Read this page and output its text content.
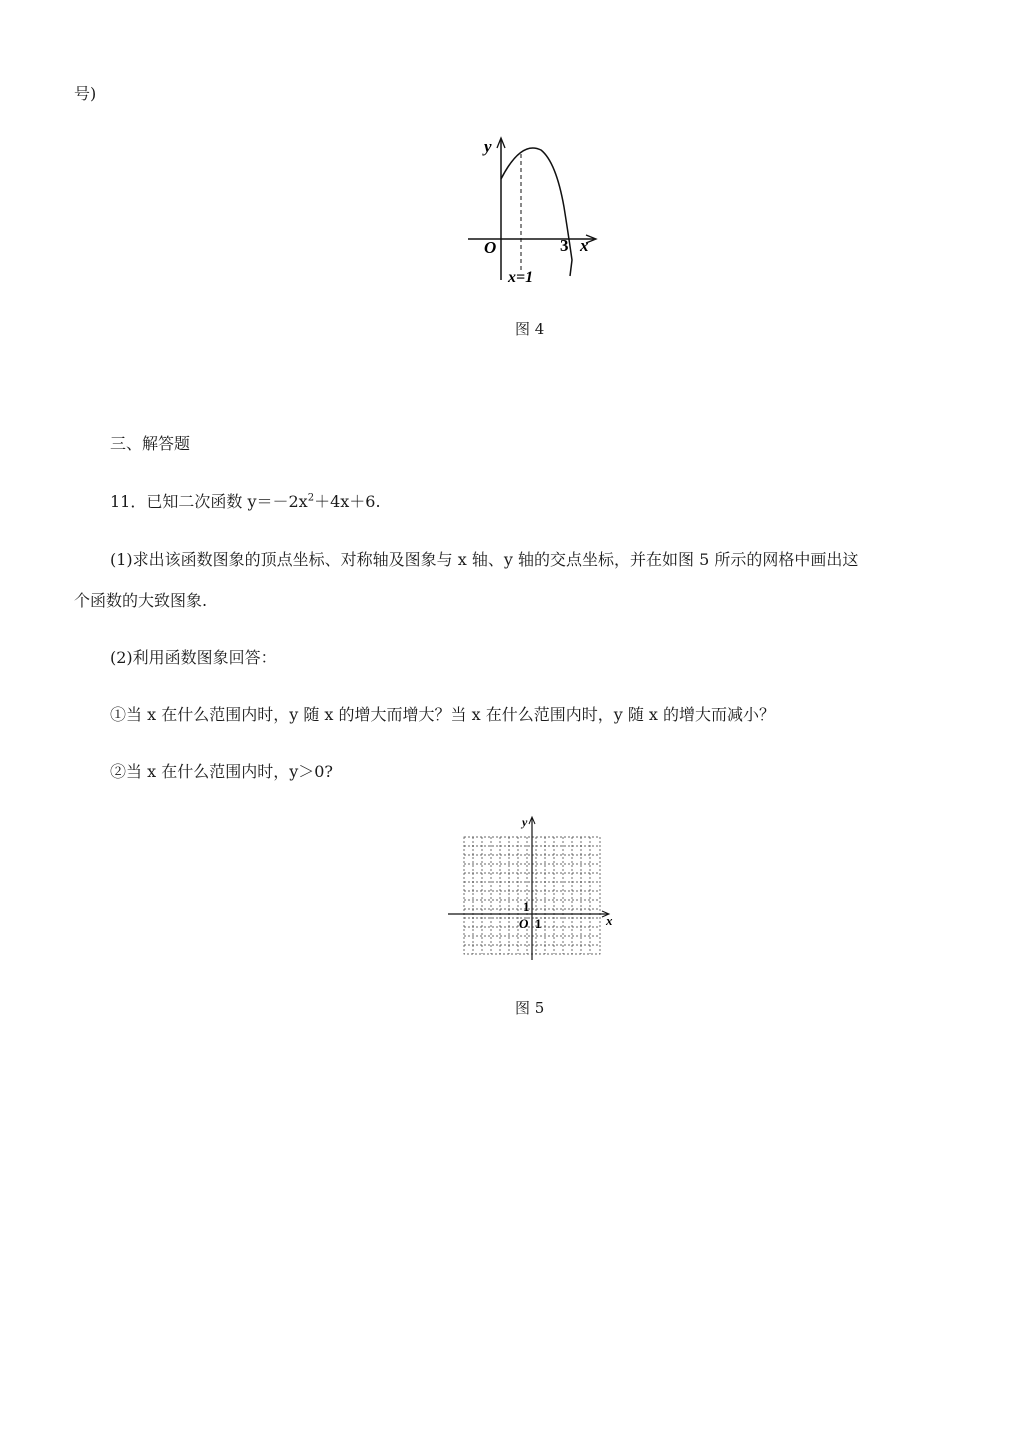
号)
y
x
O	3
x=1
图 4
三、解答题
11．已知二次函数 $y=-2x^2+4x+6$.
(1)求出该函数图象的顶点坐标、对称轴及图象与 x 轴、y 轴的交点坐标，并在如图 5 所示的网格中画出这
个函数的大致图象.
(2)利用函数图象回答：
①当 x 在什么范围内时，y 随 x 的增大而增大？当 x 在什么范围内时，y 随 x 的增大而减小？
②当 x 在什么范围内时，y＞0?
y
x
1
O 1
图 5
